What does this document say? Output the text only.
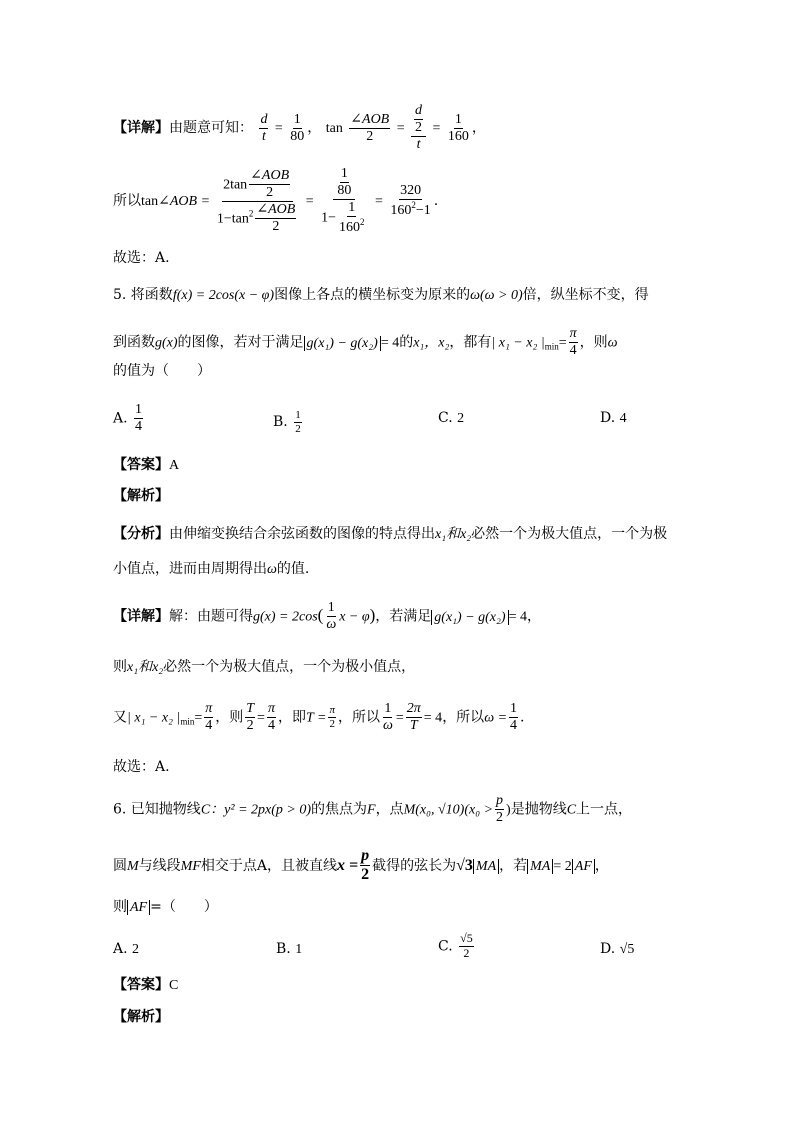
【详解】由题意可知： $\frac{d}{t} = \frac{1}{80}$ ， $\tan \frac{\text{∠AOB}}{2} = \frac{\frac{d}{2}}{t} = \frac{1}{160}$ ，
所以tan∠AOB = $\frac{2\tan \frac{\text{∠AOB}}{2}}{1-\tan^2 \frac{\text{∠AOB}}{2}} = \frac{\frac{1}{80}}{1- \frac{1}{160^2}} = \frac{320}{160^2-1}$ .
故选：A.
5. 将函数f(x) = 2cos(x − φ)图像上各点的横坐标变为原来的ω(ω > 0)倍，纵坐标不变，得
到函数g(x)的图像，若对于满足 g(x₁) − g(x₂) = 4的x₁，x₂，都有| x₁ − x₂ $|_{min}= \frac{\pi}{4}$ ，则ω
的值为（　　）
A. $\frac{1}{4}$	B. $\frac{1}{2}$	C. 2	D. 4
【答案】A
【解析】
【分析】由伸缩变换结合余弦函数的图像的特点得出x₁和x₂必然一个为极大值点，一个为极
小值点，进而由周期得出ω的值.
【详解】解：由题可得$g(x) = 2\cos( \frac{1}{\omega}$ x − φ)，若满足 g(x₁) − g(x₂) = 4，
则x₁和x₂必然一个为极大值点，一个为极小值点，
又| x₁ − x₂ $|_{min}= \frac{\pi}{4}$ ，则 $\frac{T}{2} = \frac{\pi}{4}$ ，即$T = \frac{\pi}{2}$ ，所以 $\frac{1}{\omega} = \frac{2\pi}{T} = 4$，所以$\omega = \frac{1}{4}$ .
故选：A.
6. 已知抛物线C：y² = 2px(p > 0)的焦点为F，点M(x₀, $√10)(x_0 > \frac{p}{2}$ )是抛物线C上一点，
圆M与线段MF相交于点A，且被直线$x = \frac{p}{2}$ 截得的弦长为√3 MA ，若 MA = 2 AF ，
则 AF =（　　）
A. 2	B. 1	C. $\frac{√5}{2}$	D. √5
【答案】C
【解析】
